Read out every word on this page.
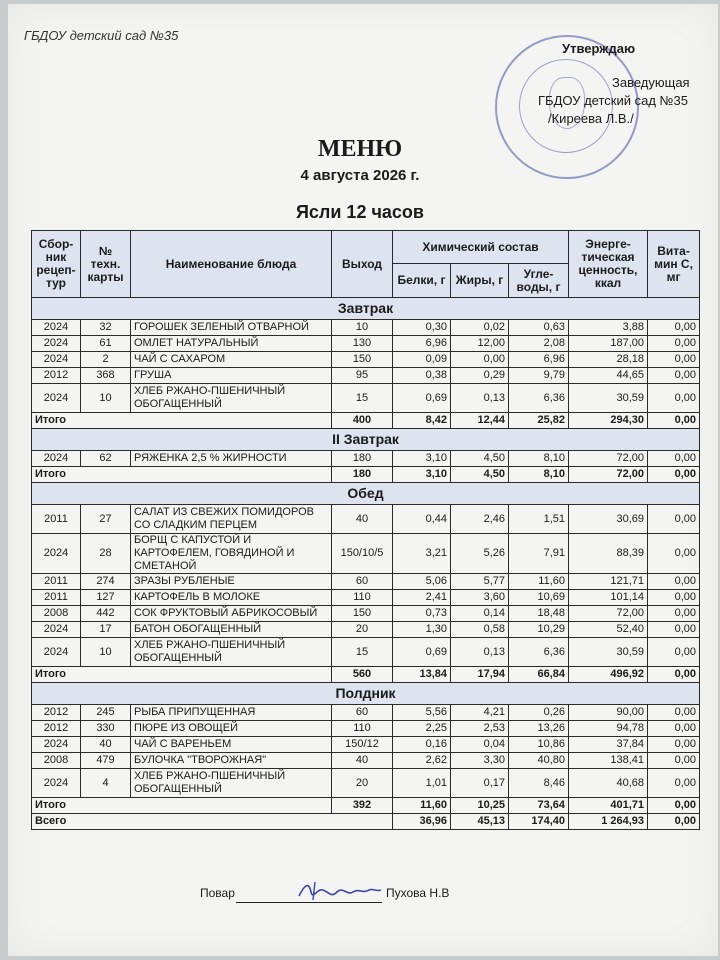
ГБДОУ детский сад №35
Утверждаю
Заведующая
ГБДОУ детский сад №35
/Киреева Л.В./
МЕНЮ
4 августа 2026 г.
Ясли 12 часов
Сбор-ник рецеп-тур	№ техн. карты	Наименование блюда	Выход	Химический состав			Энерге-тическая ценность, ккал	Вита-мин С, мг
				Белки, г	Жиры, г	Угле-воды, г		
Завтрак								
2024	32	ГОРОШЕК ЗЕЛЕНЫЙ ОТВАРНОЙ	10	0,30	0,02	0,63	3,88	0,00
2024	61	ОМЛЕТ НАТУРАЛЬНЫЙ	130	6,96	12,00	2,08	187,00	0,00
2024	2	ЧАЙ С САХАРОМ	150	0,09	0,00	6,96	28,18	0,00
2012	368	ГРУША	95	0,38	0,29	9,79	44,65	0,00
2024	10	ХЛЕБ РЖАНО-ПШЕНИЧНЫЙ ОБОГАЩЕННЫЙ	15	0,69	0,13	6,36	30,59	0,00
Итого			400	8,42	12,44	25,82	294,30	0,00
II Завтрак								
2024	62	РЯЖЕНКА 2,5 % ЖИРНОСТИ	180	3,10	4,50	8,10	72,00	0,00
Итого			180	3,10	4,50	8,10	72,00	0,00
Обед								
2011	27	САЛАТ ИЗ СВЕЖИХ ПОМИДОРОВ СО СЛАДКИМ ПЕРЦЕМ	40	0,44	2,46	1,51	30,69	0,00
2024	28	БОРЩ С КАПУСТОЙ И КАРТОФЕЛЕМ, ГОВЯДИНОЙ И СМЕТАНОЙ	150/10/5	3,21	5,26	7,91	88,39	0,00
2011	274	ЗРАЗЫ РУБЛЕНЫЕ	60	5,06	5,77	11,60	121,71	0,00
2011	127	КАРТОФЕЛЬ В МОЛОКЕ	110	2,41	3,60	10,69	101,14	0,00
2008	442	СОК ФРУКТОВЫЙ АБРИКОСОВЫЙ	150	0,73	0,14	18,48	72,00	0,00
2024	17	БАТОН ОБОГАЩЕННЫЙ	20	1,30	0,58	10,29	52,40	0,00
2024	10	ХЛЕБ РЖАНО-ПШЕНИЧНЫЙ ОБОГАЩЕННЫЙ	15	0,69	0,13	6,36	30,59	0,00
Итого			560	13,84	17,94	66,84	496,92	0,00
Полдник								
2012	245	РЫБА ПРИПУЩЕННАЯ	60	5,56	4,21	0,26	90,00	0,00
2012	330	ПЮРЕ ИЗ ОВОЩЕЙ	110	2,25	2,53	13,26	94,78	0,00
2024	40	ЧАЙ С ВАРЕНЬЕМ	150/12	0,16	0,04	10,86	37,84	0,00
2008	479	БУЛОЧКА "ТВОРОЖНАЯ"	40	2,62	3,30	40,80	138,41	0,00
2024	4	ХЛЕБ РЖАНО-ПШЕНИЧНЫЙ ОБОГАЩЕННЫЙ	20	1,01	0,17	8,46	40,68	0,00
Итого			392	11,60	10,25	73,64	401,71	0,00
Всего				36,96	45,13	174,40	1 264,93	0,00
Повар	Пухова Н.В
